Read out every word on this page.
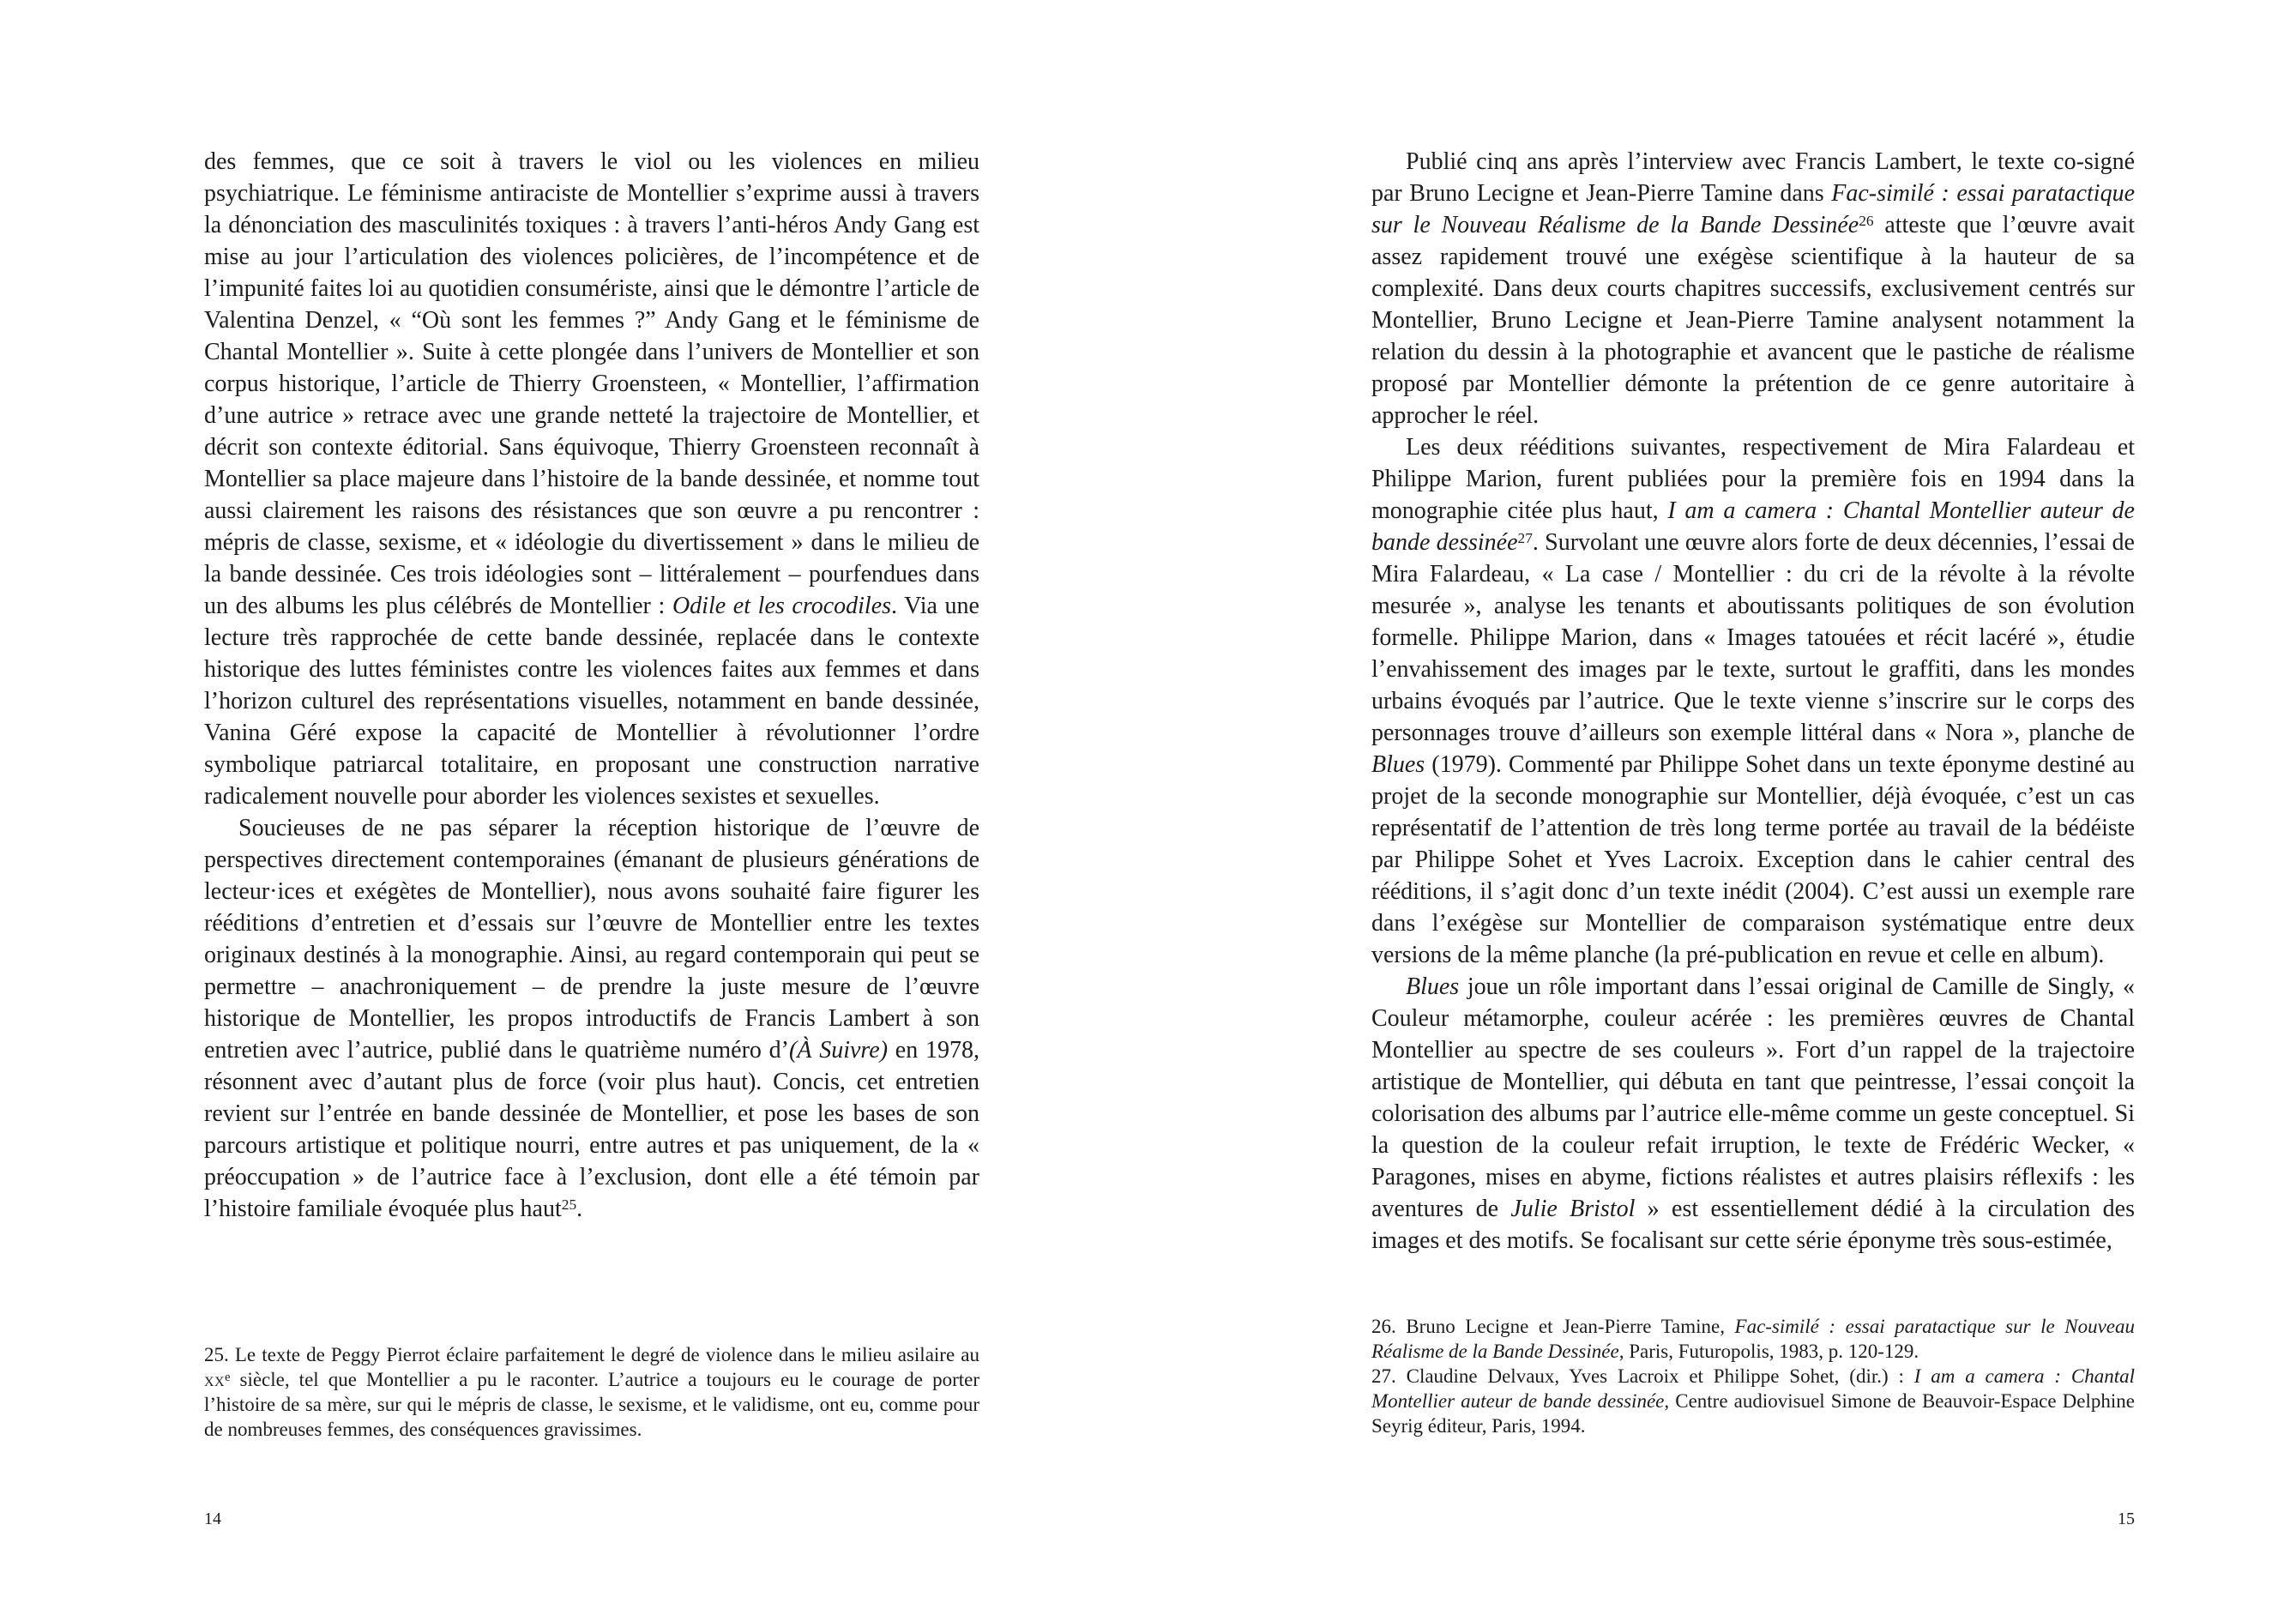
des femmes, que ce soit à travers le viol ou les violences en milieu psychiatrique. Le féminisme antiraciste de Montellier s’exprime aussi à travers la dénonciation des masculinités toxiques : à travers l’anti-héros Andy Gang est mise au jour l’articulation des violences policières, de l’incompétence et de l’impunité faites loi au quotidien consumériste, ainsi que le démontre l’article de Valentina Denzel, « “Où sont les femmes ?” Andy Gang et le féminisme de Chantal Montellier ». Suite à cette plongée dans l’univers de Montellier et son corpus historique, l’article de Thierry Groensteen, « Montellier, l’affirmation d’une autrice » retrace avec une grande netteté la trajectoire de Montellier, et décrit son contexte éditorial. Sans équivoque, Thierry Groensteen reconnaît à Montellier sa place majeure dans l’histoire de la bande dessinée, et nomme tout aussi clairement les raisons des résistances que son œuvre a pu rencontrer : mépris de classe, sexisme, et « idéologie du divertissement » dans le milieu de la bande dessinée. Ces trois idéologies sont – littéralement – pourfendues dans un des albums les plus célébrés de Montellier : Odile et les crocodiles. Via une lecture très rapprochée de cette bande dessinée, replacée dans le contexte historique des luttes féministes contre les violences faites aux femmes et dans l’horizon culturel des représentations visuelles, notamment en bande dessinée, Vanina Géré expose la capacité de Montellier à révolutionner l’ordre symbolique patriarcal totalitaire, en proposant une construction narrative radicalement nouvelle pour aborder les violences sexistes et sexuelles.

Soucieuses de ne pas séparer la réception historique de l’œuvre de perspectives directement contemporaines (émanant de plusieurs générations de lecteur·ices et exégètes de Montellier), nous avons souhaité faire figurer les rééditions d’entretien et d’essais sur l’œuvre de Montellier entre les textes originaux destinés à la monographie. Ainsi, au regard contemporain qui peut se permettre – anachroniquement – de prendre la juste mesure de l’œuvre historique de Montellier, les propos introductifs de Francis Lambert à son entretien avec l’autrice, publié dans le quatrième numéro d’(À Suivre) en 1978, résonnent avec d’autant plus de force (voir plus haut). Concis, cet entretien revient sur l’entrée en bande dessinée de Montellier, et pose les bases de son parcours artistique et politique nourri, entre autres et pas uniquement, de la « préoccupation » de l’autrice face à l’exclusion, dont elle a été témoin par l’histoire familiale évoquée plus haut$^{25}$.

25. Le texte de Peggy Pierrot éclaire parfaitement le degré de violence dans le milieu asilaire au $xx^e$ siècle, tel que Montellier a pu le raconter. L’autrice a toujours eu le courage de porter l’histoire de sa mère, sur qui le mépris de classe, le sexisme, et le validisme, ont eu, comme pour de nombreuses femmes, des conséquences gravissimes.

14

Publié cinq ans après l’interview avec Francis Lambert, le texte co-signé par Bruno Lecigne et Jean-Pierre Tamine dans Fac-similé : essai paratactique sur le Nouveau Réalisme de la Bande Dessinée$^{26}$ atteste que l’œuvre avait assez rapidement trouvé une exégèse scientifique à la hauteur de sa complexité. Dans deux courts chapitres successifs, exclusivement centrés sur Montellier, Bruno Lecigne et Jean-Pierre Tamine analysent notamment la relation du dessin à la photographie et avancent que le pastiche de réalisme proposé par Montellier démonte la prétention de ce genre autoritaire à approcher le réel.

Les deux rééditions suivantes, respectivement de Mira Falardeau et Philippe Marion, furent publiées pour la première fois en 1994 dans la monographie citée plus haut, I am a camera : Chantal Montellier auteur de bande dessinée$^{27}$. Survolant une œuvre alors forte de deux décennies, l’essai de Mira Falardeau, « La case / Montellier : du cri de la révolte à la révolte mesurée », analyse les tenants et aboutissants politiques de son évolution formelle. Philippe Marion, dans « Images tatouées et récit lacéré », étudie l’envahissement des images par le texte, surtout le graffiti, dans les mondes urbains évoqués par l’autrice. Que le texte vienne s’inscrire sur le corps des personnages trouve d’ailleurs son exemple littéral dans « Nora », planche de Blues (1979). Commenté par Philippe Sohet dans un texte éponyme destiné au projet de la seconde monographie sur Montellier, déjà évoquée, c’est un cas représentatif de l’attention de très long terme portée au travail de la bédéiste par Philippe Sohet et Yves Lacroix. Exception dans le cahier central des rééditions, il s’agit donc d’un texte inédit (2004). C’est aussi un exemple rare dans l’exégèse sur Montellier de comparaison systématique entre deux versions de la même planche (la pré-publication en revue et celle en album).

Blues joue un rôle important dans l’essai original de Camille de Singly, « Couleur métamorphe, couleur acérée : les premières œuvres de Chantal Montellier au spectre de ses couleurs ». Fort d’un rappel de la trajectoire artistique de Montellier, qui débuta en tant que peintresse, l’essai conçoit la colorisation des albums par l’autrice elle-même comme un geste conceptuel. Si la question de la couleur refait irruption, le texte de Frédéric Wecker, « Paragones, mises en abyme, fictions réalistes et autres plaisirs réflexifs : les aventures de Julie Bristol » est essentiellement dédié à la circulation des images et des motifs. Se focalisant sur cette série éponyme très sous-estimée,

26. Bruno Lecigne et Jean-Pierre Tamine, Fac-similé : essai paratactique sur le Nouveau Réalisme de la Bande Dessinée, Paris, Futuropolis, 1983, p. 120-129.

27. Claudine Delvaux, Yves Lacroix et Philippe Sohet, (dir.) : I am a camera : Chantal Montellier auteur de bande dessinée, Centre audiovisuel Simone de Beauvoir-Espace Delphine Seyrig éditeur, Paris, 1994.

15
